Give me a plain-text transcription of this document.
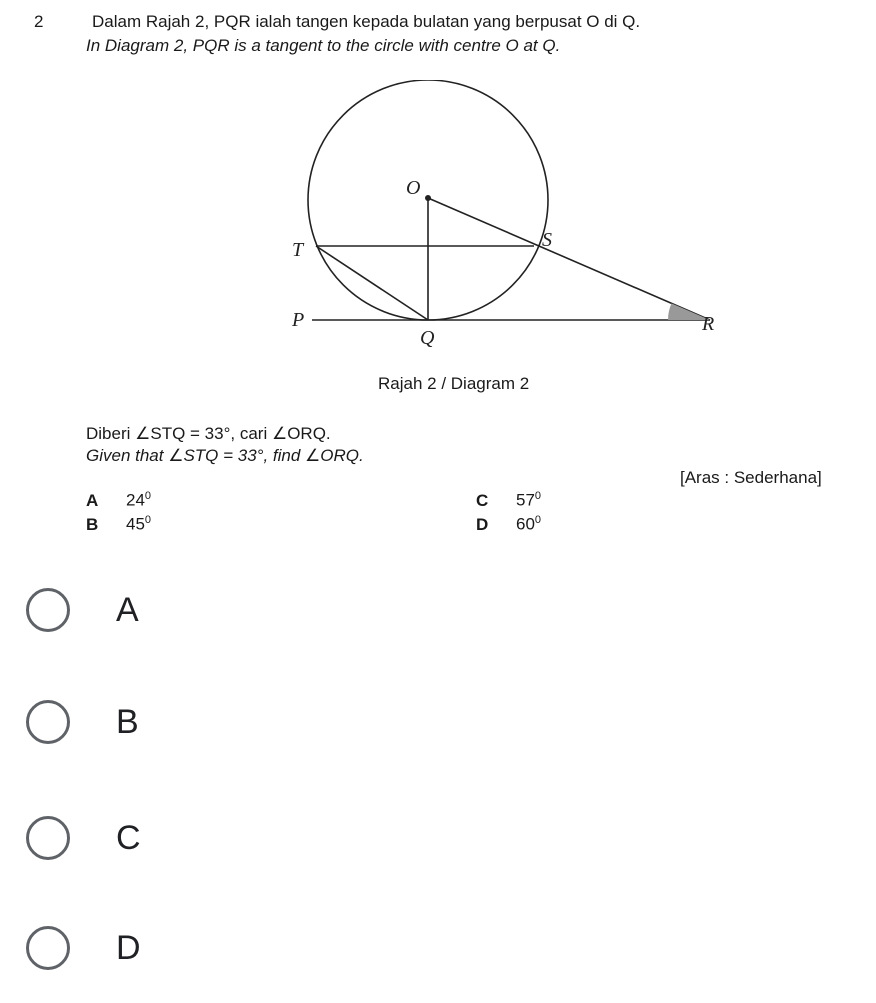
2	Dalam Rajah 2, PQR ialah tangen kepada bulatan yang berpusat O di Q.
In Diagram 2, PQR is a tangent to the circle with centre O at Q.
O
T	S
P
Q
R
Rajah 2 / Diagram 2
Diberi ∠STQ = 33°, cari ∠ORQ.
Given that ∠STQ = 33°, find ∠ORQ.
[Aras : Sederhana]
A $24^0$
B $45^0$
C $57^0$
D $60^0$
A
B
C
D
